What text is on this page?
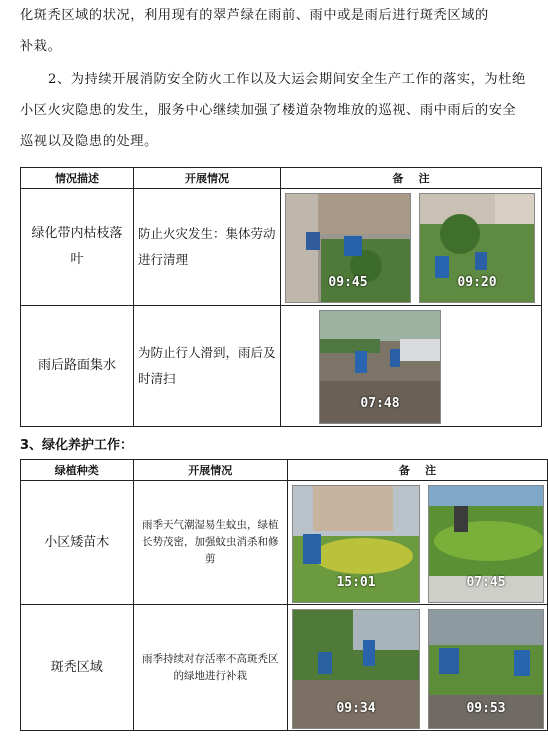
化斑秃区域的状况，利用现有的翠芦绿在雨前、雨中或是雨后进行斑秃区域的
补栽。
2、为持续开展消防安全防火工作以及大运会期间安全生产工作的落实，为杜绝小区火灾隐患的发生，服务中心继续加强了楼道杂物堆放的巡视、雨中雨后的安全巡视以及隐患的处理。
情况描述	开展情况	备    注
绿化带内枯枝落叶	防止火灾发生：集体劳动进行清理	09:45 09:20

雨后路面集水	为防止行人滑到，雨后及时清扫	07:48
3、绿化养护工作：
绿植种类	开展情况	备    注
小区矮苗木	雨季天气潮湿易生蚊虫，绿植长势茂密，加强蚊虫消杀和修剪	15:01 07:45

斑秃区域	雨季持续对存活率不高斑秃区的绿地进行补栽	09:34 09:53
